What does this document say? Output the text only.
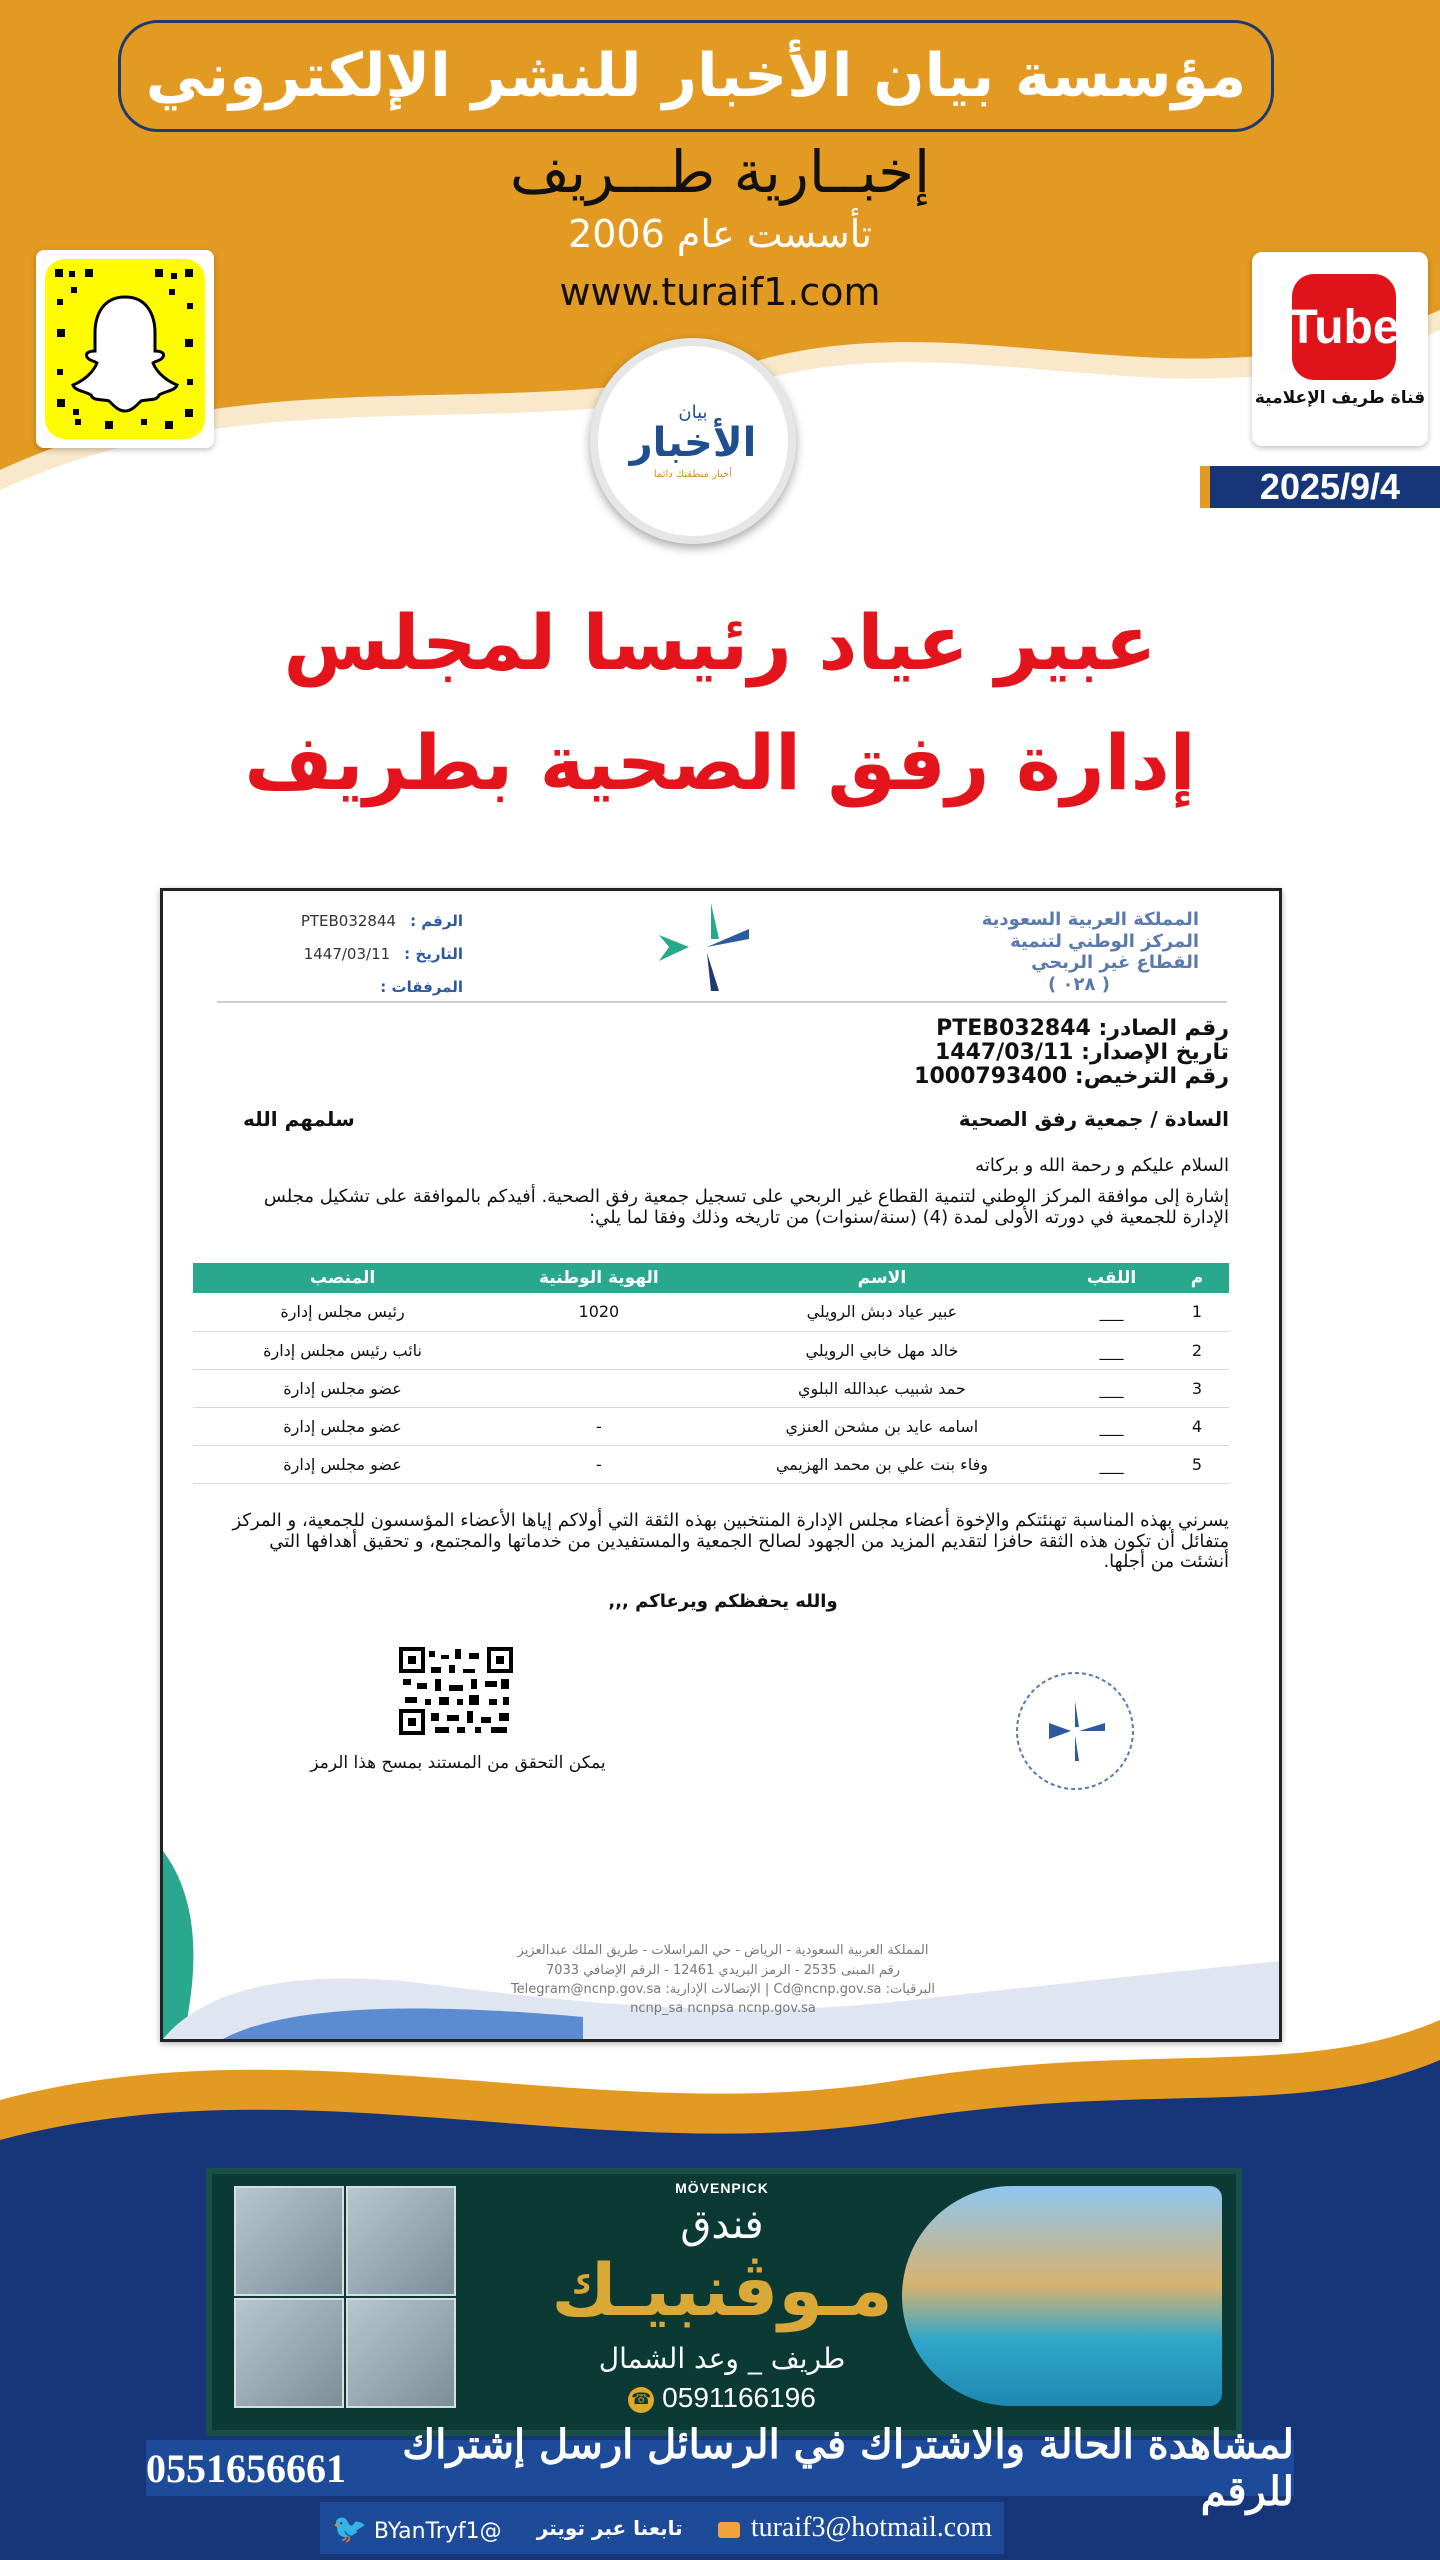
مؤسسة بيان الأخبار للنشر الإلكتروني
إخبــارية طـــريف
تأسست عام 2006
www.turaif1.com
Tube
قناة طريف الإعلامية
بيان
الأخبار
أخبار منطقتك دائما	2025/9/4
عبير عياد رئيسا لمجلس
إدارة رفق الصحية بطريف
المملكة العربية السعودية
المركز الوطني لتنمية
القطاع غير الربحي
( ٠٢٨ )
الرقم :PTEB032844
التاريخ :1447/03/11
المرفقات :
رقم الصادر: PTEB032844
تاريخ الإصدار: 1447/03/11
رقم الترخيص: 1000793400
السادة / جمعية رفق الصحية
سلمهم الله
السلام عليكم و رحمة الله و بركاته
إشارة إلى موافقة المركز الوطني لتنمية القطاع غير الربحي على تسجيل جمعية رفق الصحية. أفيدكم بالموافقة على تشكيل مجلس الإدارة للجمعية في دورته الأولى لمدة (4) (سنة/سنوات) من تاريخه وذلك وفقا لما يلي:
م	اللقب	الاسم	الهوية الوطنية	المنصب
1	___	عبير عياد دبش الرويلي	1020	رئيس مجلس إدارة
2	___	خالد مهل خابي الرويلي		نائب رئيس مجلس إدارة
3	___	حمد شبيب عبدالله البلوي		عضو مجلس إدارة
4	___	اسامه عايد بن مشحن العنزي	-	عضو مجلس إدارة
5	___	وفاء بنت علي بن محمد الهزيمي	-	عضو مجلس إدارة
يسرني بهذه المناسبة تهنئتكم والإخوة أعضاء مجلس الإدارة المنتخبين بهذه الثقة التي أولاكم إياها الأعضاء المؤسسون للجمعية، و المركز متفائل أن تكون هذه الثقة حافزا لتقديم المزيد من الجهود لصالح الجمعية والمستفيدين من خدماتها والمجتمع، و تحقيق أهدافها التي أنشئت من أجلها.
والله يحفظكم ويرعاكم ,,,
يمكن التحقق من المستند بمسح هذا الرمز
المملكة العربية السعودية - الرياض - حي المراسلات - طريق الملك عبدالعزيز
رقم المبنى 2535 - الرمز البريدي 12461 - الرقم الإضافي 7033
البرقيات: Cd@ncnp.gov.sa | الإتصالات الإدارية: Telegram@ncnp.gov.sa
ncnp_sa ncnpsa ncnp.gov.sa
MÖVENPICK
فندق
مـوڤنبيـك
طريف _ وعد الشمال
☎ 0591166196
لمشاهدة الحالة والاشتراك في الرسائل ارسل إشتراك للرقم
0551656661
🐦 BYanTryf1@ تابعنا عبر تويتر	turaif3@hotmail.com
